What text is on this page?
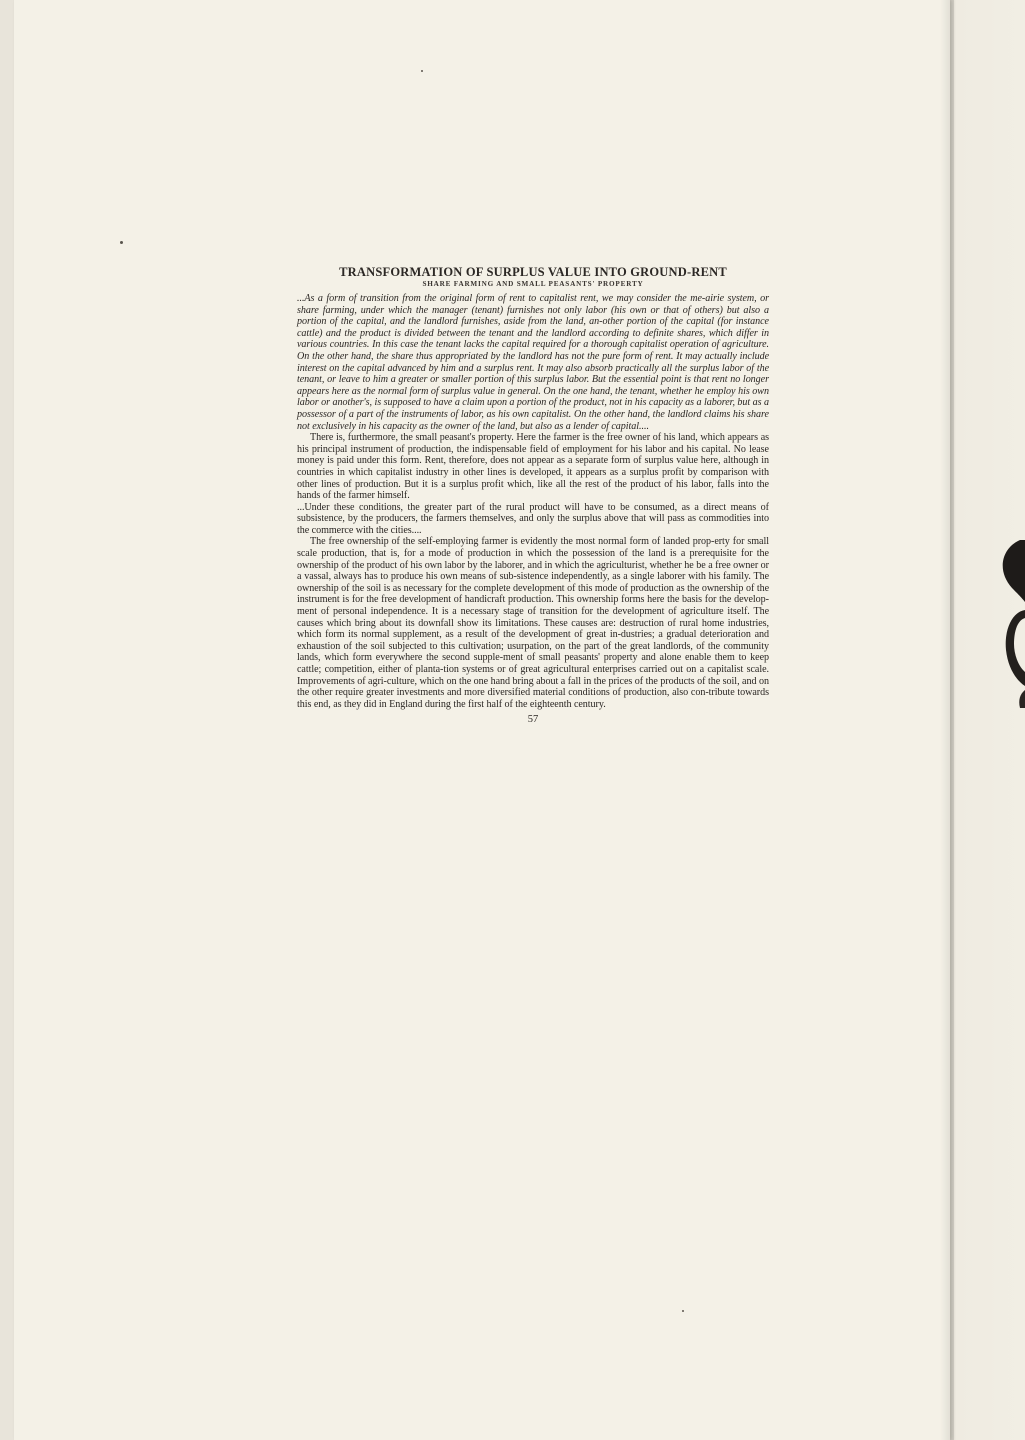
TRANSFORMATION OF SURPLUS VALUE INTO GROUND-RENT
SHARE FARMING AND SMALL PEASANTS' PROPERTY

...As a form of transition from the original form of rent to capitalist rent, we may consider the me-airie system, or share farming, under which the manager (tenant) furnishes not only labor (his own or that of others) but also a portion of the capital, and the landlord furnishes, aside from the land, an-other portion of the capital (for instance cattle) and the product is divided between the tenant and the landlord according to definite shares, which differ in various countries. In this case the tenant lacks the capital required for a thorough capitalist operation of agriculture. On the other hand, the share thus appropriated by the landlord has not the pure form of rent. It may actually include interest on the capital advanced by him and a surplus rent. It may also absorb practically all the surplus labor of the tenant, or leave to him a greater or smaller portion of this surplus labor. But the essential point is that rent no longer appears here as the normal form of surplus value in general. On the one hand, the tenant, whether he employ his own labor or another's, is supposed to have a claim upon a portion of the product, not in his capacity as a laborer, but as a possessor of a part of the instruments of labor, as his own capitalist. On the other hand, the landlord claims his share not exclusively in his capacity as the owner of the land, but also as a lender of capital....

There is, furthermore, the small peasant's property. Here the farmer is the free owner of his land, which appears as his principal instrument of production, the indispensable field of employment for his labor and his capital. No lease money is paid under this form. Rent, therefore, does not appear as a separate form of surplus value here, although in countries in which capitalist industry in other lines is developed, it appears as a surplus profit by comparison with other lines of production. But it is a surplus profit which, like all the rest of the product of his labor, falls into the hands of the farmer himself.

...Under these conditions, the greater part of the rural product will have to be consumed, as a direct means of subsistence, by the producers, the farmers themselves, and only the surplus above that will pass as commodities into the commerce with the cities....

The free ownership of the self-employing farmer is evidently the most normal form of landed prop-erty for small scale production, that is, for a mode of production in which the possession of the land is a prerequisite for the ownership of the product of his own labor by the laborer, and in which the agriculturist, whether he be a free owner or a vassal, always has to produce his own means of sub-sistence independently, as a single laborer with his family. The ownership of the soil is as necessary for the complete development of this mode of production as the ownership of the instrument is for the free development of handicraft production. This ownership forms here the basis for the develop-ment of personal independence. It is a necessary stage of transition for the development of agriculture itself. The causes which bring about its downfall show its limitations. These causes are: destruction of rural home industries, which form its normal supplement, as a result of the development of great in-dustries; a gradual deterioration and exhaustion of the soil subjected to this cultivation; usurpation, on the part of the great landlords, of the community lands, which form everywhere the second supple-ment of small peasants' property and alone enable them to keep cattle; competition, either of planta-tion systems or of great agricultural enterprises carried out on a capitalist scale. Improvements of agri-culture, which on the one hand bring about a fall in the prices of the products of the soil, and on the other require greater investments and more diversified material conditions of production, also con-tribute towards this end, as they did in England during the first half of the eighteenth century.

57
